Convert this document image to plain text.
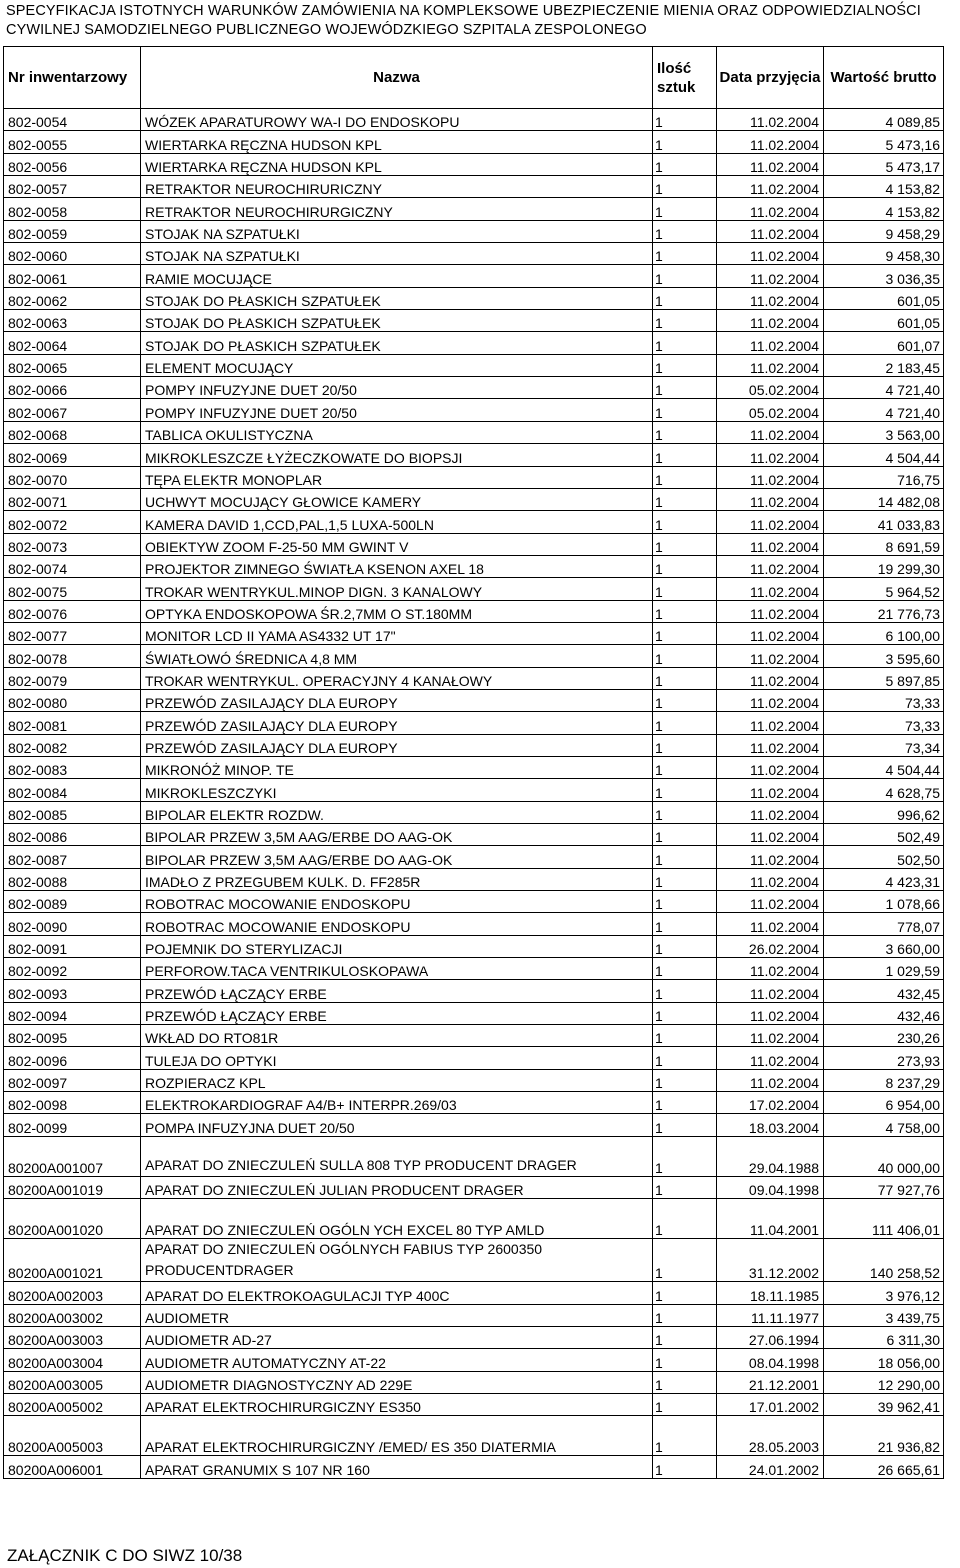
SPECYFIKACJA ISTOTNYCH WARUNKÓW ZAMÓWIENIA NA KOMPLEKSOWE UBEZPIECZENIE MIENIA ORAZ ODPOWIEDZIALNOŚCI
CYWILNEJ SAMODZIELNEGO PUBLICZNEGO WOJEWÓDZKIEGO SZPITALA ZESPOLONEGO
Nr inwentarzowy	Nazwa	Ilość sztuk	Data przyjęcia	Wartość brutto
802-0054	WÓZEK APARATUROWY WA-I DO ENDOSKOPU	1	11.02.2004	4 089,85
802-0055	WIERTARKA RĘCZNA HUDSON KPL	1	11.02.2004	5 473,16
802-0056	WIERTARKA RĘCZNA HUDSON KPL	1	11.02.2004	5 473,17
802-0057	RETRAKTOR NEUROCHIRURICZNY	1	11.02.2004	4 153,82
802-0058	RETRAKTOR NEUROCHIRURGICZNY	1	11.02.2004	4 153,82
802-0059	STOJAK NA SZPATUŁKI	1	11.02.2004	9 458,29
802-0060	STOJAK NA SZPATUŁKI	1	11.02.2004	9 458,30
802-0061	RAMIE MOCUJĄCE	1	11.02.2004	3 036,35
802-0062	STOJAK DO PŁASKICH SZPATUŁEK	1	11.02.2004	601,05
802-0063	STOJAK DO PŁASKICH SZPATUŁEK	1	11.02.2004	601,05
802-0064	STOJAK DO PŁASKICH SZPATUŁEK	1	11.02.2004	601,07
802-0065	ELEMENT MOCUJĄCY	1	11.02.2004	2 183,45
802-0066	POMPY INFUZYJNE DUET 20/50	1	05.02.2004	4 721,40
802-0067	POMPY INFUZYJNE DUET 20/50	1	05.02.2004	4 721,40
802-0068	TABLICA OKULISTYCZNA	1	11.02.2004	3 563,00
802-0069	MIKROKLESZCZE ŁYŻECZKOWATE DO BIOPSJI	1	11.02.2004	4 504,44
802-0070	TĘPA ELEKTR MONOPLAR	1	11.02.2004	716,75
802-0071	UCHWYT MOCUJĄCY GŁOWICE KAMERY	1	11.02.2004	14 482,08
802-0072	KAMERA DAVID 1,CCD,PAL,1,5 LUXA-500LN	1	11.02.2004	41 033,83
802-0073	OBIEKTYW ZOOM F-25-50 MM GWINT V	1	11.02.2004	8 691,59
802-0074	PROJEKTOR ZIMNEGO ŚWIATŁA KSENON AXEL 18	1	11.02.2004	19 299,30
802-0075	TROKAR WENTRYKUL.MINOP DIGN. 3 KANALOWY	1	11.02.2004	5 964,52
802-0076	OPTYKA ENDOSKOPOWA ŚR.2,7MM O ST.180MM	1	11.02.2004	21 776,73
802-0077	MONITOR LCD II YAMA AS4332 UT 17"	1	11.02.2004	6 100,00
802-0078	ŚWIATŁOWÓ ŚREDNICA 4,8 MM	1	11.02.2004	3 595,60
802-0079	TROKAR WENTRYKUL. OPERACYJNY 4 KANAŁOWY	1	11.02.2004	5 897,85
802-0080	PRZEWÓD ZASILAJĄCY DLA EUROPY	1	11.02.2004	73,33
802-0081	PRZEWÓD ZASILAJĄCY DLA EUROPY	1	11.02.2004	73,33
802-0082	PRZEWÓD ZASILAJĄCY DLA EUROPY	1	11.02.2004	73,34
802-0083	MIKRONÓŻ MINOP. TE	1	11.02.2004	4 504,44
802-0084	MIKROKLESZCZYKI	1	11.02.2004	4 628,75
802-0085	BIPOLAR ELEKTR ROZDW.	1	11.02.2004	996,62
802-0086	BIPOLAR PRZEW 3,5M AAG/ERBE DO AAG-OK	1	11.02.2004	502,49
802-0087	BIPOLAR PRZEW 3,5M AAG/ERBE DO AAG-OK	1	11.02.2004	502,50
802-0088	IMADŁO Z PRZEGUBEM KULK. D. FF285R	1	11.02.2004	4 423,31
802-0089	ROBOTRAC MOCOWANIE ENDOSKOPU	1	11.02.2004	1 078,66
802-0090	ROBOTRAC MOCOWANIE ENDOSKOPU	1	11.02.2004	778,07
802-0091	POJEMNIK DO STERYLIZACJI	1	26.02.2004	3 660,00
802-0092	PERFOROW.TACA VENTRIKULOSKOPAWA	1	11.02.2004	1 029,59
802-0093	PRZEWÓD ŁĄCZĄCY ERBE	1	11.02.2004	432,45
802-0094	PRZEWÓD ŁĄCZĄCY ERBE	1	11.02.2004	432,46
802-0095	WKŁAD DO RTO81R	1	11.02.2004	230,26
802-0096	TULEJA DO OPTYKI	1	11.02.2004	273,93
802-0097	ROZPIERACZ KPL	1	11.02.2004	8 237,29
802-0098	ELEKTROKARDIOGRAF A4/B+ INTERPR.269/03	1	17.02.2004	6 954,00
802-0099	POMPA INFUZYJNA DUET 20/50	1	18.03.2004	4 758,00
80200A001007	APARAT DO ZNIECZULEŃ SULLA 808 TYP PRODUCENT DRAGER	1	29.04.1988	40 000,00
80200A001019	APARAT DO ZNIECZULEŃ JULIAN PRODUCENT DRAGER	1	09.04.1998	77 927,76
80200A001020	APARAT DO ZNIECZULEŃ OGÓLN YCH EXCEL 80 TYP AMLD	1	11.04.2001	111 406,01
80200A001021	APARAT DO ZNIECZULEŃ OGÓLNYCH FABIUS TYP 2600350 PRODUCENTDRAGER	1	31.12.2002	140 258,52
80200A002003	APARAT DO ELEKTROKOAGULACJI TYP 400C	1	18.11.1985	3 976,12
80200A003002	AUDIOMETR	1	11.11.1977	3 439,75
80200A003003	AUDIOMETR AD-27	1	27.06.1994	6 311,30
80200A003004	AUDIOMETR AUTOMATYCZNY AT-22	1	08.04.1998	18 056,00
80200A003005	AUDIOMETR DIAGNOSTYCZNY AD 229E	1	21.12.2001	12 290,00
80200A005002	APARAT ELEKTROCHIRURGICZNY ES350	1	17.01.2002	39 962,41
80200A005003	APARAT ELEKTROCHIRURGICZNY /EMED/ ES 350 DIATERMIA	1	28.05.2003	21 936,82
80200A006001	APARAT GRANUMIX S 107 NR 160	1	24.01.2002	26 665,61
ZAŁĄCZNIK C DO SIWZ 10/38
